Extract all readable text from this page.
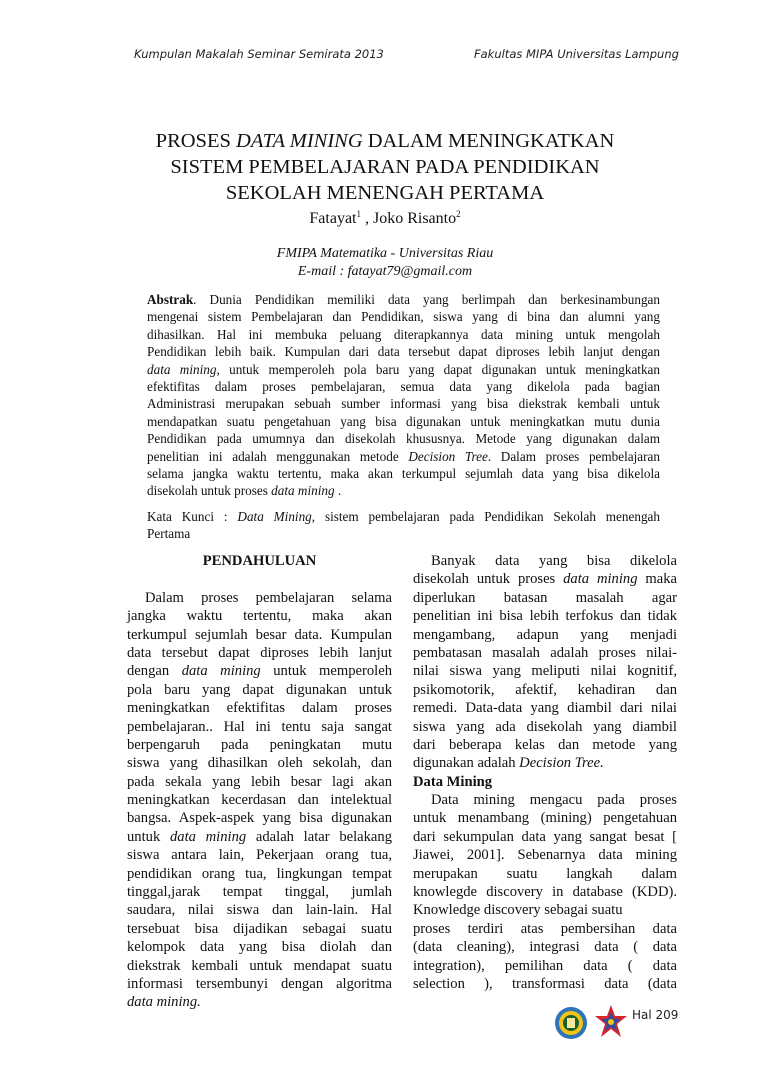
Kumpulan Makalah Seminar Semirata 2013	Fakultas MIPA Universitas Lampung
PROSES DATA MINING DALAM MENINGKATKAN
SISTEM PEMBELAJARAN PADA PENDIDIKAN
SEKOLAH MENENGAH PERTAMA
Fatayat$^1$ , Joko Risanto$^2$
FMIPA Matematika - Universitas Riau
E-mail : fatayat79@gmail.com
Abstrak. Dunia Pendidikan memiliki data yang berlimpah dan berkesinambungan
mengenai sistem Pembelajaran dan Pendidikan, siswa yang di bina dan alumni yang
dihasilkan. Hal ini membuka peluang diterapkannya data mining untuk mengolah
Pendidikan lebih baik. Kumpulan dari data tersebut dapat diproses lebih lanjut dengan
data mining, untuk memperoleh pola baru yang dapat digunakan untuk meningkatkan
efektifitas dalam proses pembelajaran, semua data yang dikelola pada bagian
Administrasi merupakan sebuah sumber informasi yang bisa diekstrak kembali untuk
mendapatkan suatu pengetahuan yang bisa digunakan untuk meningkatkan mutu dunia
Pendidikan pada umumnya dan disekolah khususnya. Metode yang digunakan dalam
penelitian ini adalah menggunakan metode Decision Tree. Dalam proses pembelajaran
selama jangka waktu tertentu, maka akan terkumpul sejumlah data yang bisa dikelola
disekolah untuk proses data mining .
Kata Kunci : Data Mining, sistem pembelajaran pada Pendidikan Sekolah menengah
Pertama
PENDAHULUAN
Dalam proses pembelajaran selama
jangka waktu tertentu, maka akan
terkumpul sejumlah besar data. Kumpulan
data tersebut dapat diproses lebih lanjut
dengan data mining untuk memperoleh
pola baru yang dapat digunakan untuk
meningkatkan efektifitas dalam proses
pembelajaran.. Hal ini tentu saja sangat
berpengaruh pada peningkatan mutu
siswa yang dihasilkan oleh sekolah, dan
pada sekala yang lebih besar lagi akan
meningkatkan kecerdasan dan intelektual
bangsa. Aspek-aspek yang bisa digunakan
untuk data mining adalah latar belakang
siswa antara lain, Pekerjaan orang tua,
pendidikan orang tua, lingkungan tempat
tinggal,jarak tempat tinggal, jumlah
saudara, nilai siswa dan lain-lain. Hal
tersebuat bisa dijadikan sebagai suatu
kelompok data yang bisa diolah dan
diekstrak kembali untuk mendapat suatu
informasi tersembunyi dengan algoritma
data mining.
Banyak data yang bisa dikelola
disekolah untuk proses data mining maka
diperlukan batasan masalah agar
penelitian ini bisa lebih terfokus dan tidak
mengambang, adapun yang menjadi
pembatasan masalah adalah proses nilai-
nilai siswa yang meliputi nilai kognitif,
psikomotorik, afektif, kehadiran dan
remedi. Data-data yang diambil dari nilai
siswa yang ada disekolah yang diambil
dari beberapa kelas dan metode yang
digunakan adalah Decision Tree.
Data Mining
Data mining mengacu pada proses
untuk menambang (mining) pengetahuan
dari sekumpulan data yang sangat besat [
Jiawei, 2001]. Sebenarnya data mining
merupakan suatu langkah dalam
knowlegde discovery in database (KDD).
Knowledge discovery sebagai suatu
proses terdiri atas pembersihan data
(data cleaning), integrasi data ( data
integration), pemilihan data ( data
selection ), transformasi data (data
Hal 209
